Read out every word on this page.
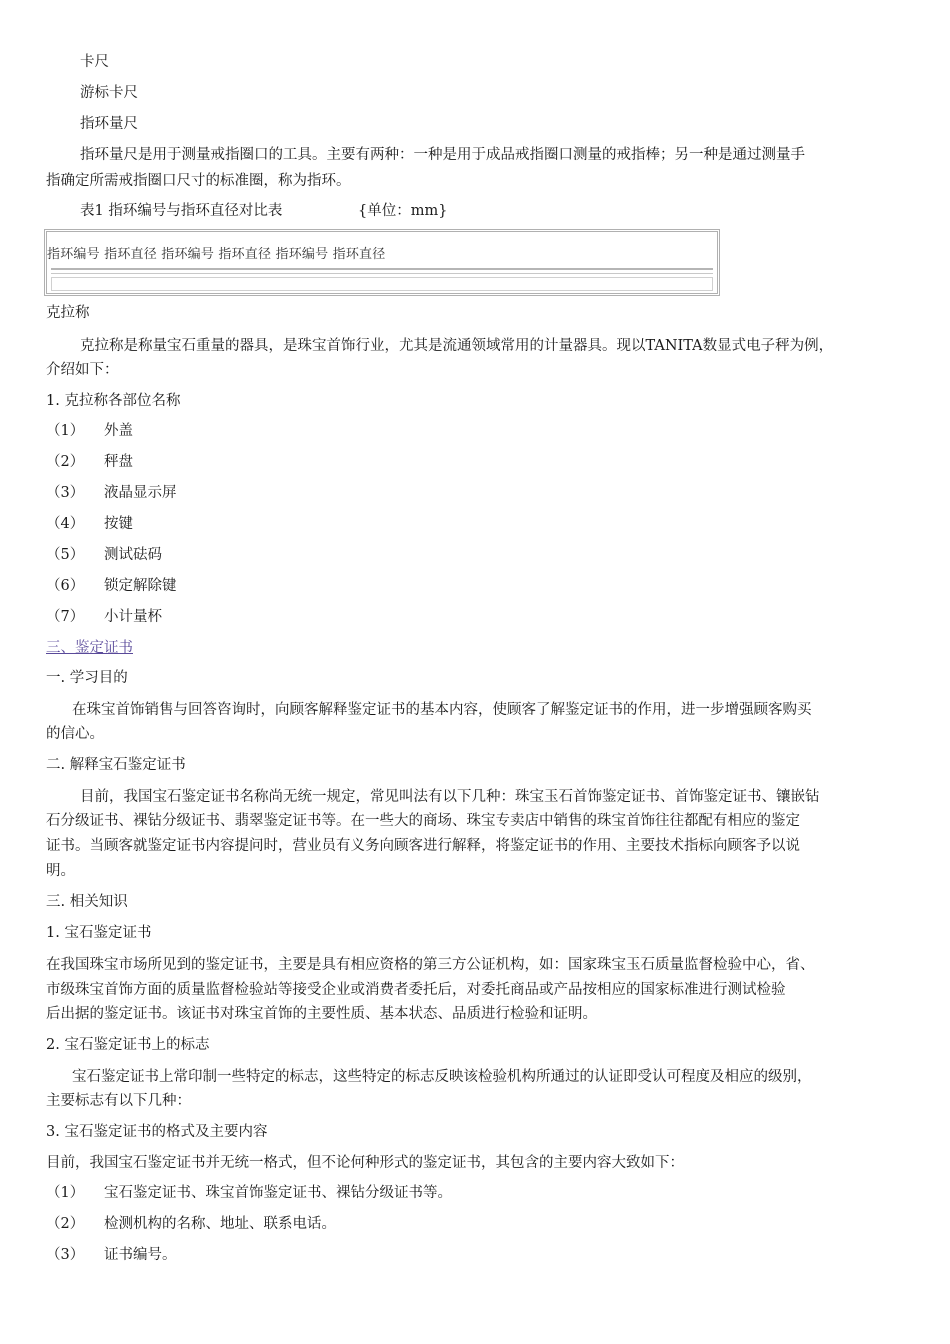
卡尺
游标卡尺
指环量尺
指环量尺是用于测量戒指圈口的工具。主要有两种：一种是用于成品戒指圈口测量的戒指棒；另一种是通过测量手
指确定所需戒指圈口尺寸的标准圈，称为指环。
表1 指环编号与指环直径对比表	{单位：mm}
指环编号 指环直径 指环编号 指环直径 指环编号 指环直径
克拉称
克拉称是称量宝石重量的器具，是珠宝首饰行业，尤其是流通领域常用的计量器具。现以TANITA数显式电子秤为例，
介绍如下：
1. 克拉称各部位名称
（1） 外盖
（2） 秤盘
（3） 液晶显示屏
（4） 按键
（5） 测试砝码
（6） 锁定解除键
（7） 小计量杯
三、鉴定证书
一. 学习目的
在珠宝首饰销售与回答咨询时，向顾客解释鉴定证书的基本内容，使顾客了解鉴定证书的作用，进一步增强顾客购买
的信心。
二. 解释宝石鉴定证书
目前，我国宝石鉴定证书名称尚无统一规定，常见叫法有以下几种：珠宝玉石首饰鉴定证书、首饰鉴定证书、镶嵌钻
石分级证书、裸钻分级证书、翡翠鉴定证书等。在一些大的商场、珠宝专卖店中销售的珠宝首饰往往都配有相应的鉴定
证书。当顾客就鉴定证书内容提问时，营业员有义务向顾客进行解释，将鉴定证书的作用、主要技术指标向顾客予以说
明。
三. 相关知识
1. 宝石鉴定证书
在我国珠宝市场所见到的鉴定证书，主要是具有相应资格的第三方公证机构，如：国家珠宝玉石质量监督检验中心，省、
市级珠宝首饰方面的质量监督检验站等接受企业或消费者委托后，对委托商品或产品按相应的国家标准进行测试检验
后出据的鉴定证书。该证书对珠宝首饰的主要性质、基本状态、品质进行检验和证明。
2. 宝石鉴定证书上的标志
宝石鉴定证书上常印制一些特定的标志，这些特定的标志反映该检验机构所通过的认证即受认可程度及相应的级别，
主要标志有以下几种：
3. 宝石鉴定证书的格式及主要内容
目前，我国宝石鉴定证书并无统一格式，但不论何种形式的鉴定证书，其包含的主要内容大致如下：
（1） 宝石鉴定证书、珠宝首饰鉴定证书、裸钻分级证书等。
（2） 检测机构的名称、地址、联系电话。
（3） 证书编号。
